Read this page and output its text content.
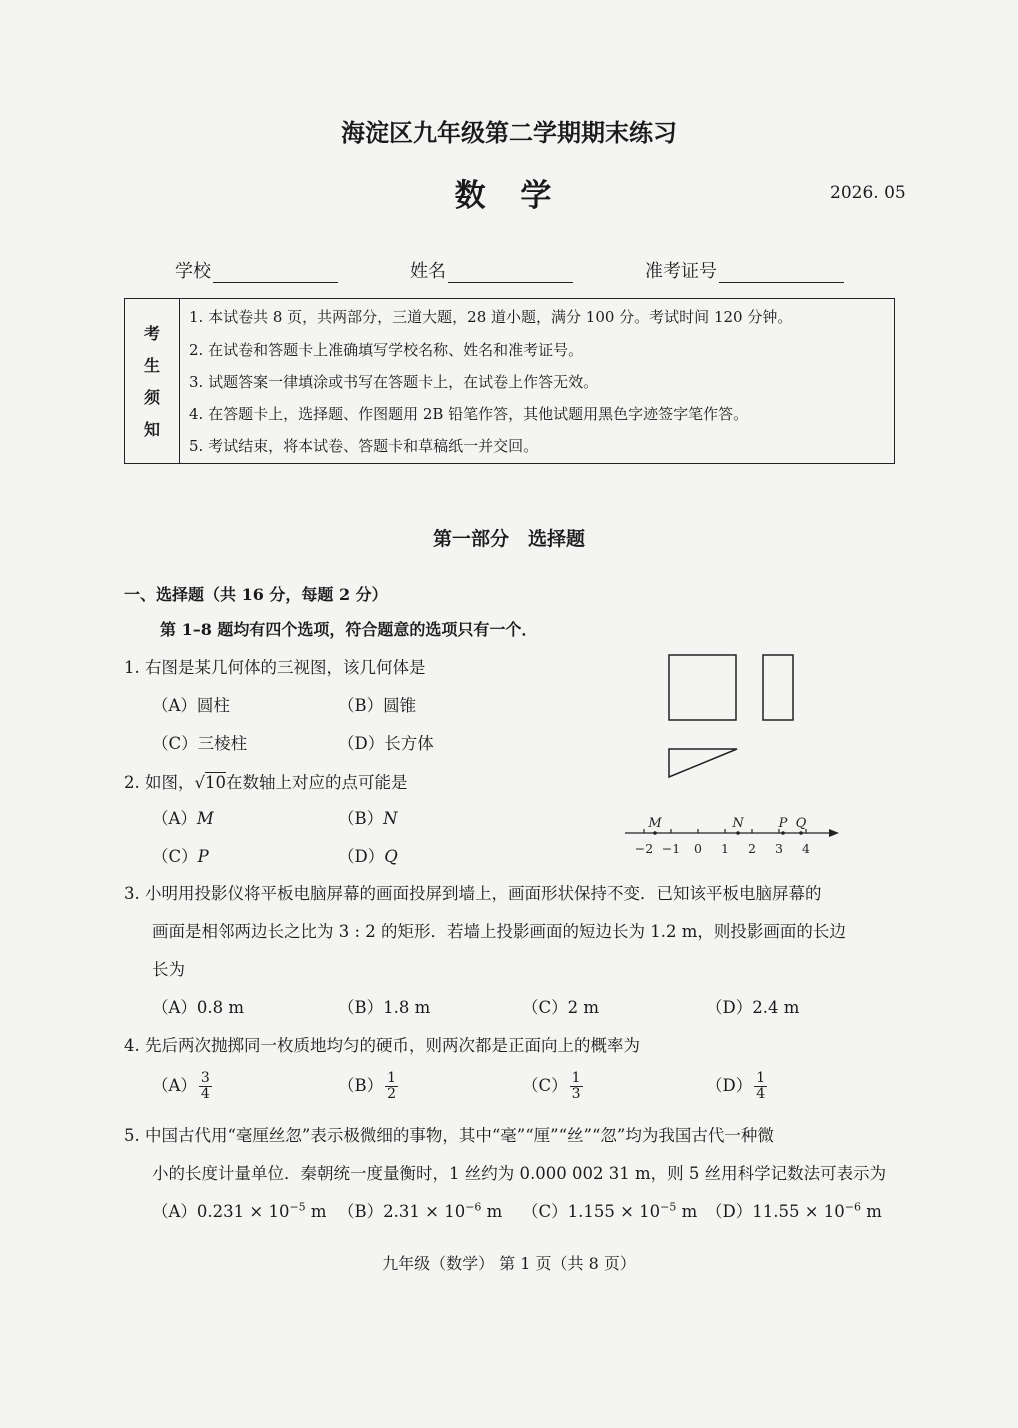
海淀区九年级第二学期期末练习
数 学	2026. 05
学校	姓名	准考证号
考
生
须
知
1. 本试卷共 8 页，共两部分，三道大题，28 道小题，满分 100 分。考试时间 120 分钟。
2. 在试卷和答题卡上准确填写学校名称、姓名和准考证号。
3. 试题答案一律填涂或书写在答题卡上，在试卷上作答无效。
4. 在答题卡上，选择题、作图题用 2B 铅笔作答，其他试题用黑色字迹签字笔作答。
5. 考试结束，将本试卷、答题卡和草稿纸一并交回。
第一部分　选择题
一、选择题（共 16 分，每题 2 分）
第 1–8 题均有四个选项，符合题意的选项只有一个．
1. 右图是某几何体的三视图，该几何体是
（A）圆柱	（B）圆锥
（C）三棱柱	（D）长方体
2. 如图，√10在数轴上对应的点可能是
（A）M	（B）N
（C）P	（D）Q
M	N	P Q
−2 −1 0 1 2 3 4
3. 小明用投影仪将平板电脑屏幕的画面投屏到墙上，画面形状保持不变．已知该平板电脑屏幕的
画面是相邻两边长之比为 3 : 2 的矩形．若墙上投影画面的短边长为 1.2 m，则投影画面的长边
长为
（A）0.8 m	（B）1.8 m	（C）2 m	（D）2.4 m
4. 先后两次抛掷同一枚质地均匀的硬币，则两次都是正面向上的概率为
$(A) \frac{3}{4}$	$(B) \frac{1}{2}$	$(C) \frac{1}{3}$	$(D) \frac{1}{4}$
5. 中国古代用“毫厘丝忽”表示极微细的事物，其中“毫”“厘”“丝”“忽”均为我国古代一种微
小的长度计量单位．秦朝统一度量衡时，1 丝约为 0.000 002 31 m，则 5 丝用科学记数法可表示为
$(A)0.231 \times 10^{-5}$ m $(B)2.31 \times 10^{-6}$ m $(C)1.155 \times 10^{-5}$ m $(D)11.55 \times 10^{-6}$ m
九年级（数学） 第 1 页（共 8 页）
